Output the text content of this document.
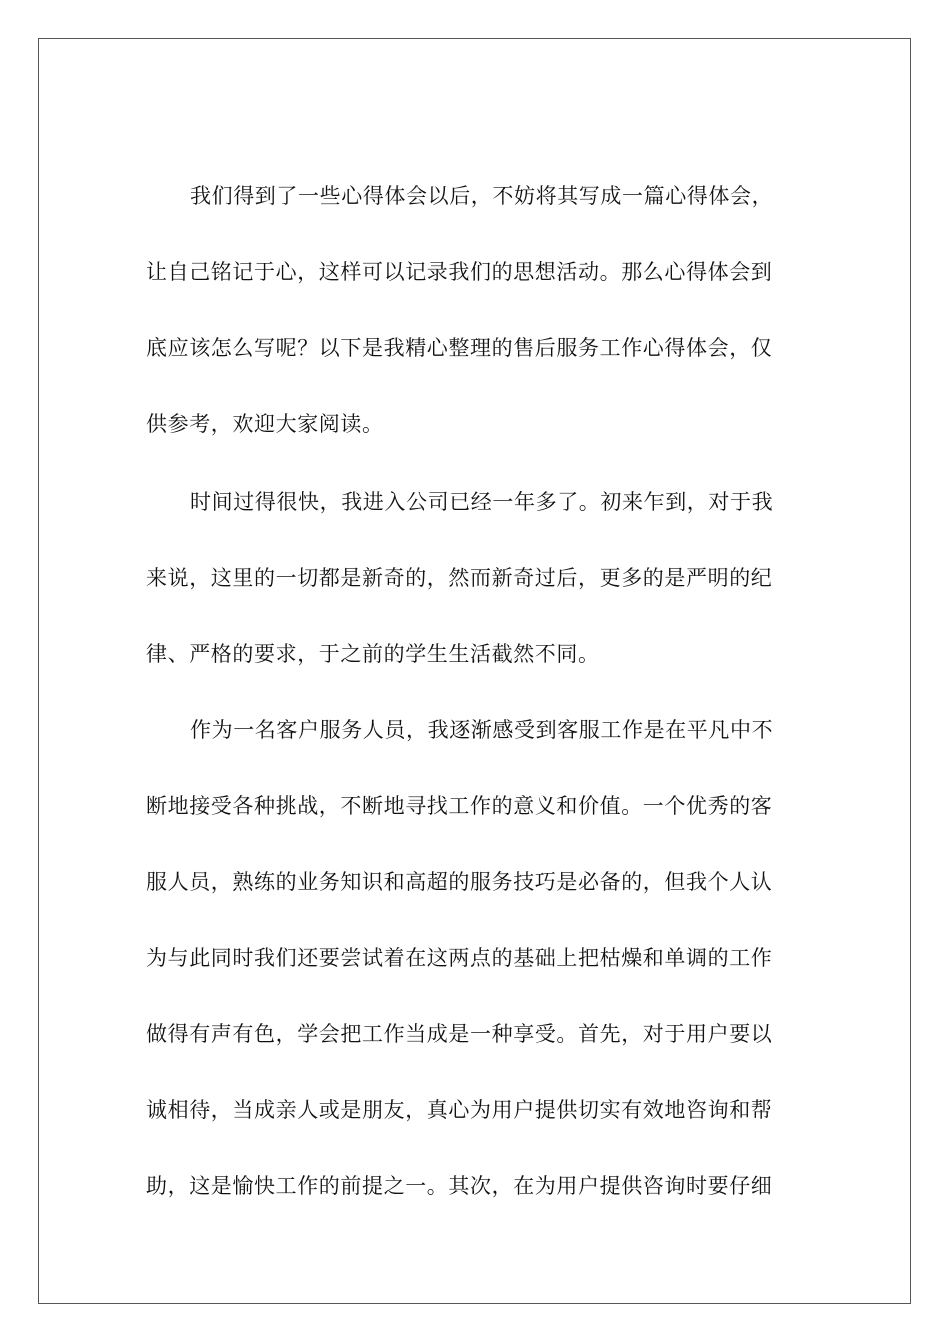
我们得到了一些心得体会以后，不妨将其写成一篇心得体会，
让自己铭记于心，这样可以记录我们的思想活动。那么心得体会到
底应该怎么写呢？以下是我精心整理的售后服务工作心得体会，仅
供参考，欢迎大家阅读。
时间过得很快，我进入公司已经一年多了。初来乍到，对于我
来说，这里的一切都是新奇的，然而新奇过后，更多的是严明的纪
律、严格的要求，于之前的学生生活截然不同。
作为一名客户服务人员，我逐渐感受到客服工作是在平凡中不
断地接受各种挑战，不断地寻找工作的意义和价值。一个优秀的客
服人员，熟练的业务知识和高超的服务技巧是必备的，但我个人认
为与此同时我们还要尝试着在这两点的基础上把枯燥和单调的工作
做得有声有色，学会把工作当成是一种享受。首先，对于用户要以
诚相待，当成亲人或是朋友，真心为用户提供切实有效地咨询和帮
助，这是愉快工作的前提之一。其次，在为用户提供咨询时要仔细
